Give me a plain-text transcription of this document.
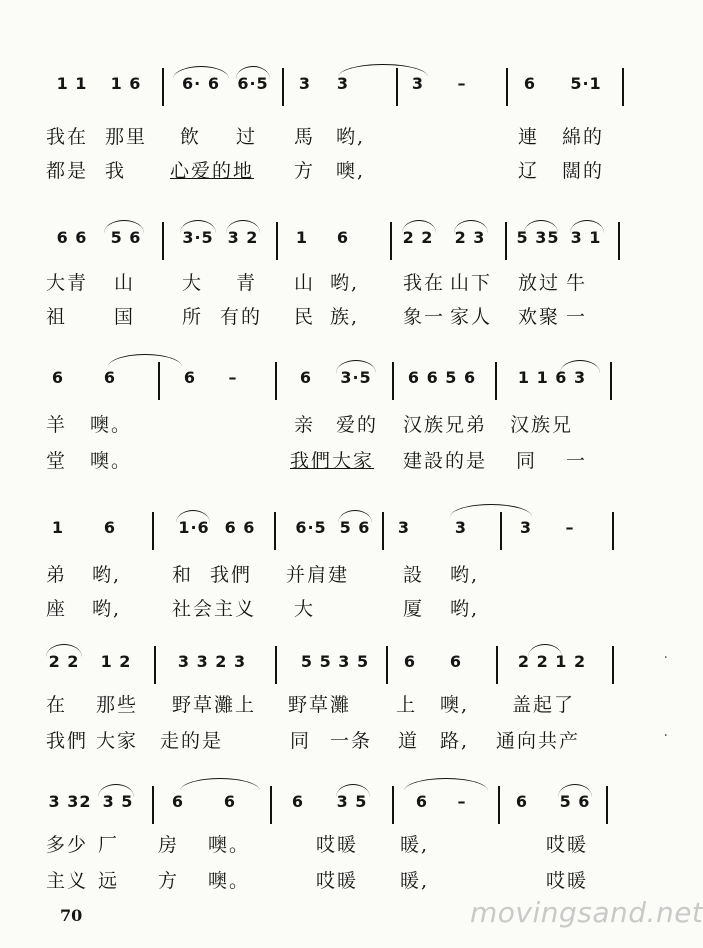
1 1 1 6	6· 6 6·5 3 3	3 –	6 5·1
我在 那里 飲 过 馬 哟,	連 綿的
都是 我 心爱的地 方 噢,	辽 闊的
6 6 5 6	3·5 3 2 1 6	2 2 2 3 5 35 3 1
大青 山 大 青 山 哟, 我在 山下 放过 牛
祖 国 所 有的 民 族, 象一 家人 欢聚 一
6 6	6 –	6 3·5 6 6 5 6	1 1 6 3
羊 噢。	亲 爱的 汉族兄弟 汉族兄
堂 噢。	我們大家 建設的是 同 一
1 6	1·6 6 6 6·5 5 6 3	3	3 –
弟 哟,	和 我們 并肩建	設 哟,
座 哟,	社会主义 大	厦 哟,
2 2 1 2	3 3 2 3	5 5 3 5 6 6	2 2 1 2
在 那些 野草灘上 野草灘 上 噢, 盖起了
我們 大家 走的是	同 一条 道 路, 通向共产
3 32 3 5 6 6	6 3 5	6 –	6 5 6
多少 厂 房 噢。	哎暖 暖,	哎暖
主义 远 方 噢。	哎暖 暖,	哎暖
70	movingsand.net
·
·
